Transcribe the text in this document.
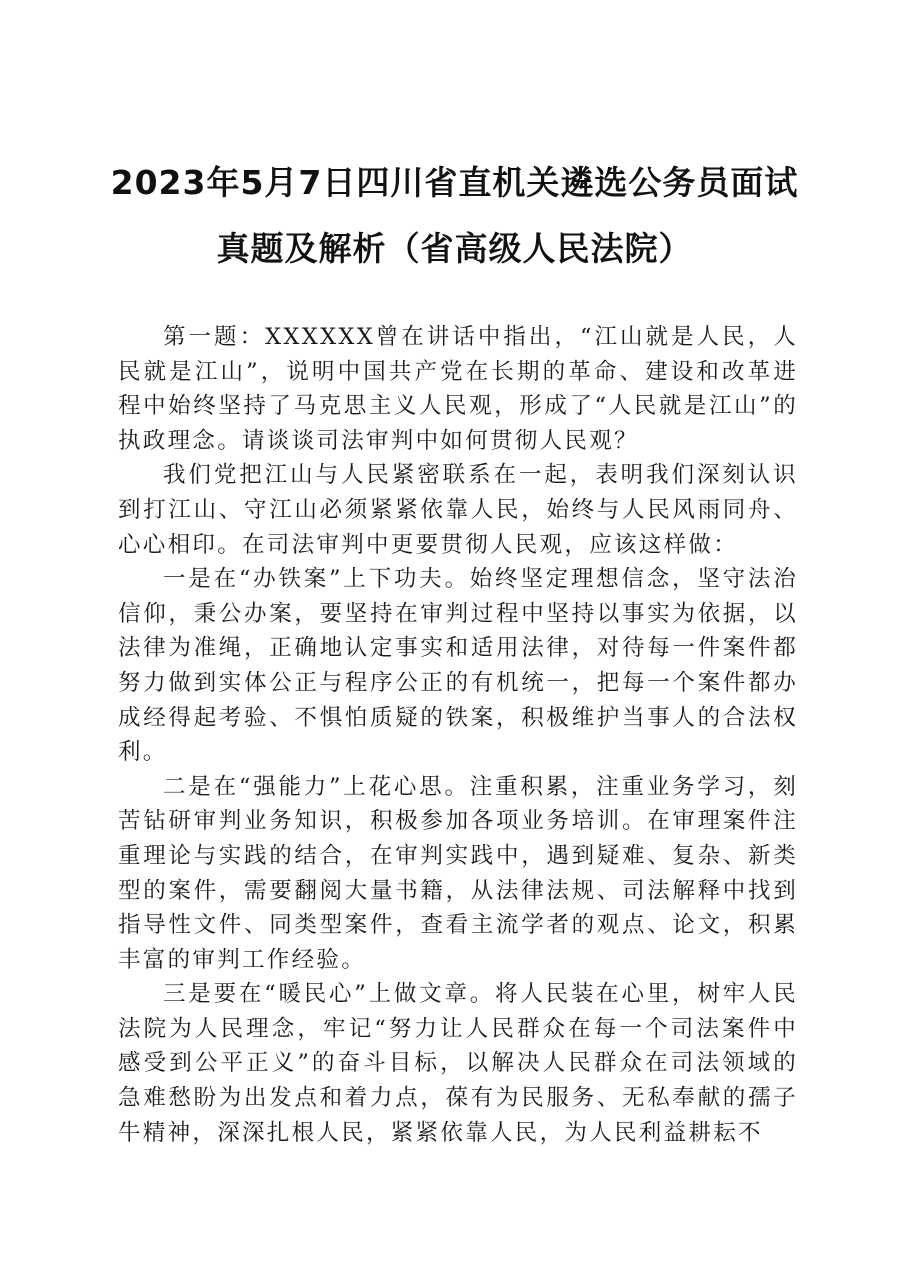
2023年5月7日四川省直机关遴选公务员面试
真题及解析（省高级人民法院）

第一题：XXXXXX曾在讲话中指出，“江山就是人民，人民就是江山”，说明中国共产党在长期的革命、建设和改革进程中始终坚持了马克思主义人民观，形成了“人民就是江山”的执政理念。请谈谈司法审判中如何贯彻人民观？

我们党把江山与人民紧密联系在一起，表明我们深刻认识到打江山、守江山必须紧紧依靠人民，始终与人民风雨同舟、心心相印。在司法审判中更要贯彻人民观，应该这样做：

一是在“办铁案”上下功夫。始终坚定理想信念，坚守法治信仰，秉公办案，要坚持在审判过程中坚持以事实为依据，以法律为准绳，正确地认定事实和适用法律，对待每一件案件都努力做到实体公正与程序公正的有机统一，把每一个案件都办成经得起考验、不惧怕质疑的铁案，积极维护当事人的合法权利。

二是在“强能力”上花心思。注重积累，注重业务学习，刻苦钻研审判业务知识，积极参加各项业务培训。在审理案件注重理论与实践的结合，在审判实践中，遇到疑难、复杂、新类型的案件，需要翻阅大量书籍，从法律法规、司法解释中找到指导性文件、同类型案件，查看主流学者的观点、论文，积累丰富的审判工作经验。

三是要在“暖民心”上做文章。将人民装在心里，树牢人民法院为人民理念，牢记“努力让人民群众在每一个司法案件中感受到公平正义”的奋斗目标，以解决人民群众在司法领域的急难愁盼为出发点和着力点，葆有为民服务、无私奉献的孺子牛精神，深深扎根人民，紧紧依靠人民，为人民利益耕耘不
